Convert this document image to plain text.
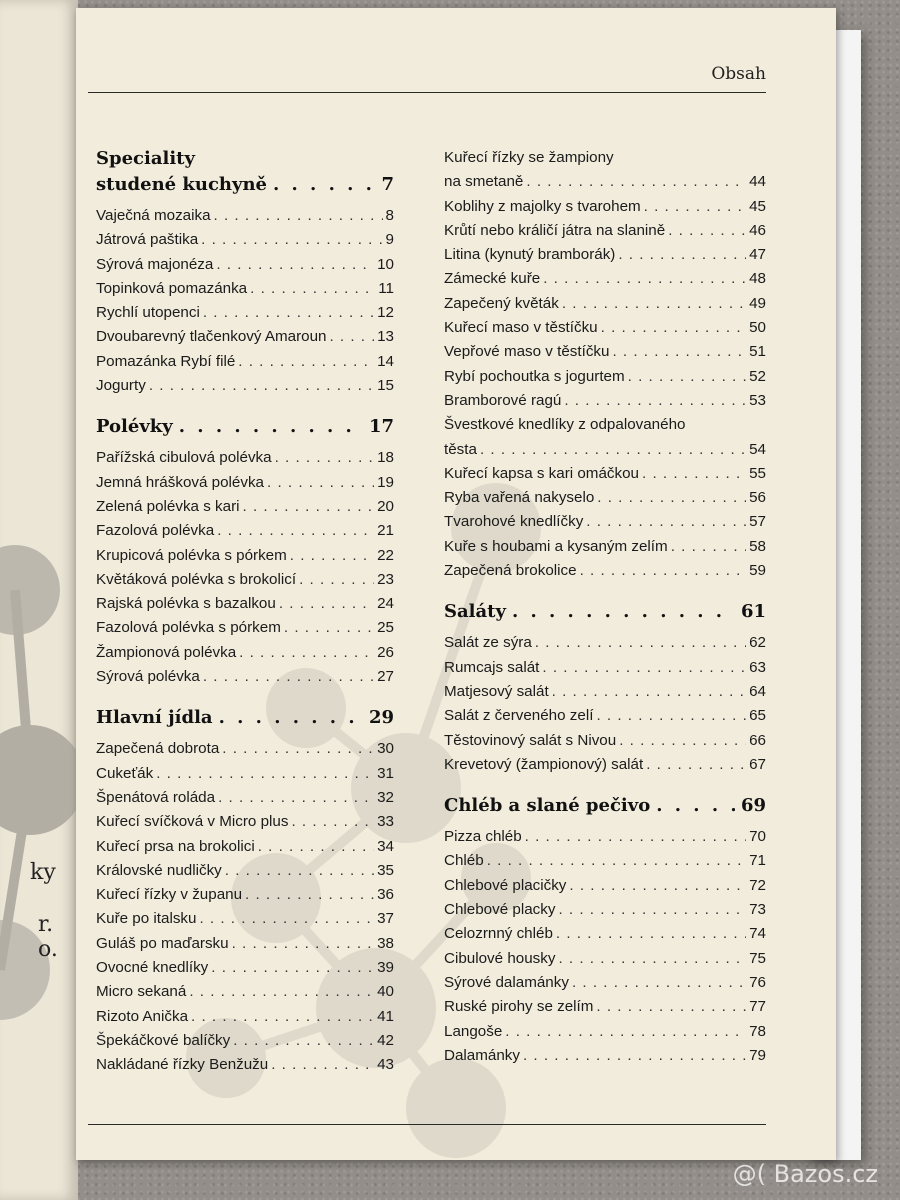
ky
r. o.
Obsah
Speciality
studené kuchyně . . .	7
Vaječná mozaika . . .	8
Játrová paštika . . .	9
Sýrová majonéza . . .	10
Topinková pomazánka . . .	11
Rychlí utopenci . . .	12
Dvoubarevný tlačenkový Amaroun . . .	13
Pomazánka Rybí filé . . .	14
Jogurty . . .	15
Polévky . . .	17
Pařížská cibulová polévka . . .	18
Jemná hrášková polévka . . .	19
Zelená polévka s kari . . .	20
Fazolová polévka . . .	21
Krupicová polévka s pórkem . . .	22
Květáková polévka s brokolicí . . .	23
Rajská polévka s bazalkou . . .	24
Fazolová polévka s pórkem . . .	25
Žampionová polévka . . .	26
Sýrová polévka . . .	27
Hlavní jídla . . .	29
Zapečená dobrota . . .	30
Cukeťák . . .	31
Špenátová roláda . . .	32
Kuřecí svíčková v Micro plus . . .	33
Kuřecí prsa na brokolici . . .	34
Královské nudličky . . .	35
Kuřecí řízky v županu . . .	36
Kuře po italsku . . .	37
Guláš po maďarsku . . .	38
Ovocné knedlíky . . .	39
Micro sekaná . . .	40
Rizoto Anička . . .	41
Špekáčkové balíčky . . .	42
Nakládané řízky Benžužu . . .	43
Kuřecí řízky se žampiony
na smetaně . . .	44
Koblihy z majolky s tvarohem . . .	45
Krůtí nebo králičí játra na slanině . . .	46
Litina (kynutý bramborák) . . .	47
Zámecké kuře . . .	48
Zapečený květák . . .	49
Kuřecí maso v těstíčku . . .	50
Vepřové maso v těstíčku . . .	51
Rybí pochoutka s jogurtem . . .	52
Bramborové ragú . . .	53
Švestkové knedlíky z odpalovaného
těsta . . .	54
Kuřecí kapsa s kari omáčkou . . .	55
Ryba vařená nakyselo . . .	56
Tvarohové knedlíčky . . .	57
Kuře s houbami a kysaným zelím . . .	58
Zapečená brokolice . . .	59
Saláty . . .	61
Salát ze sýra . . .	62
Rumcajs salát . . .	63
Matjesový salát . . .	64
Salát z červeného zelí . . .	65
Těstovinový salát s Nivou . . .	66
Krevetový (žampionový) salát . . .	67
Chléb a slané pečivo . . .	69
Pizza chléb . . .	70
Chléb . . .	71
Chlebové placičky . . .	72
Chlebové placky . . .	73
Celozrnný chléb . . .	74
Cibulové housky . . .	75
Sýrové dalamánky . . .	76
Ruské pirohy se zelím . . .	77
Langoše . . .	78
Dalamánky . . .	79
@( Bazos.cz
